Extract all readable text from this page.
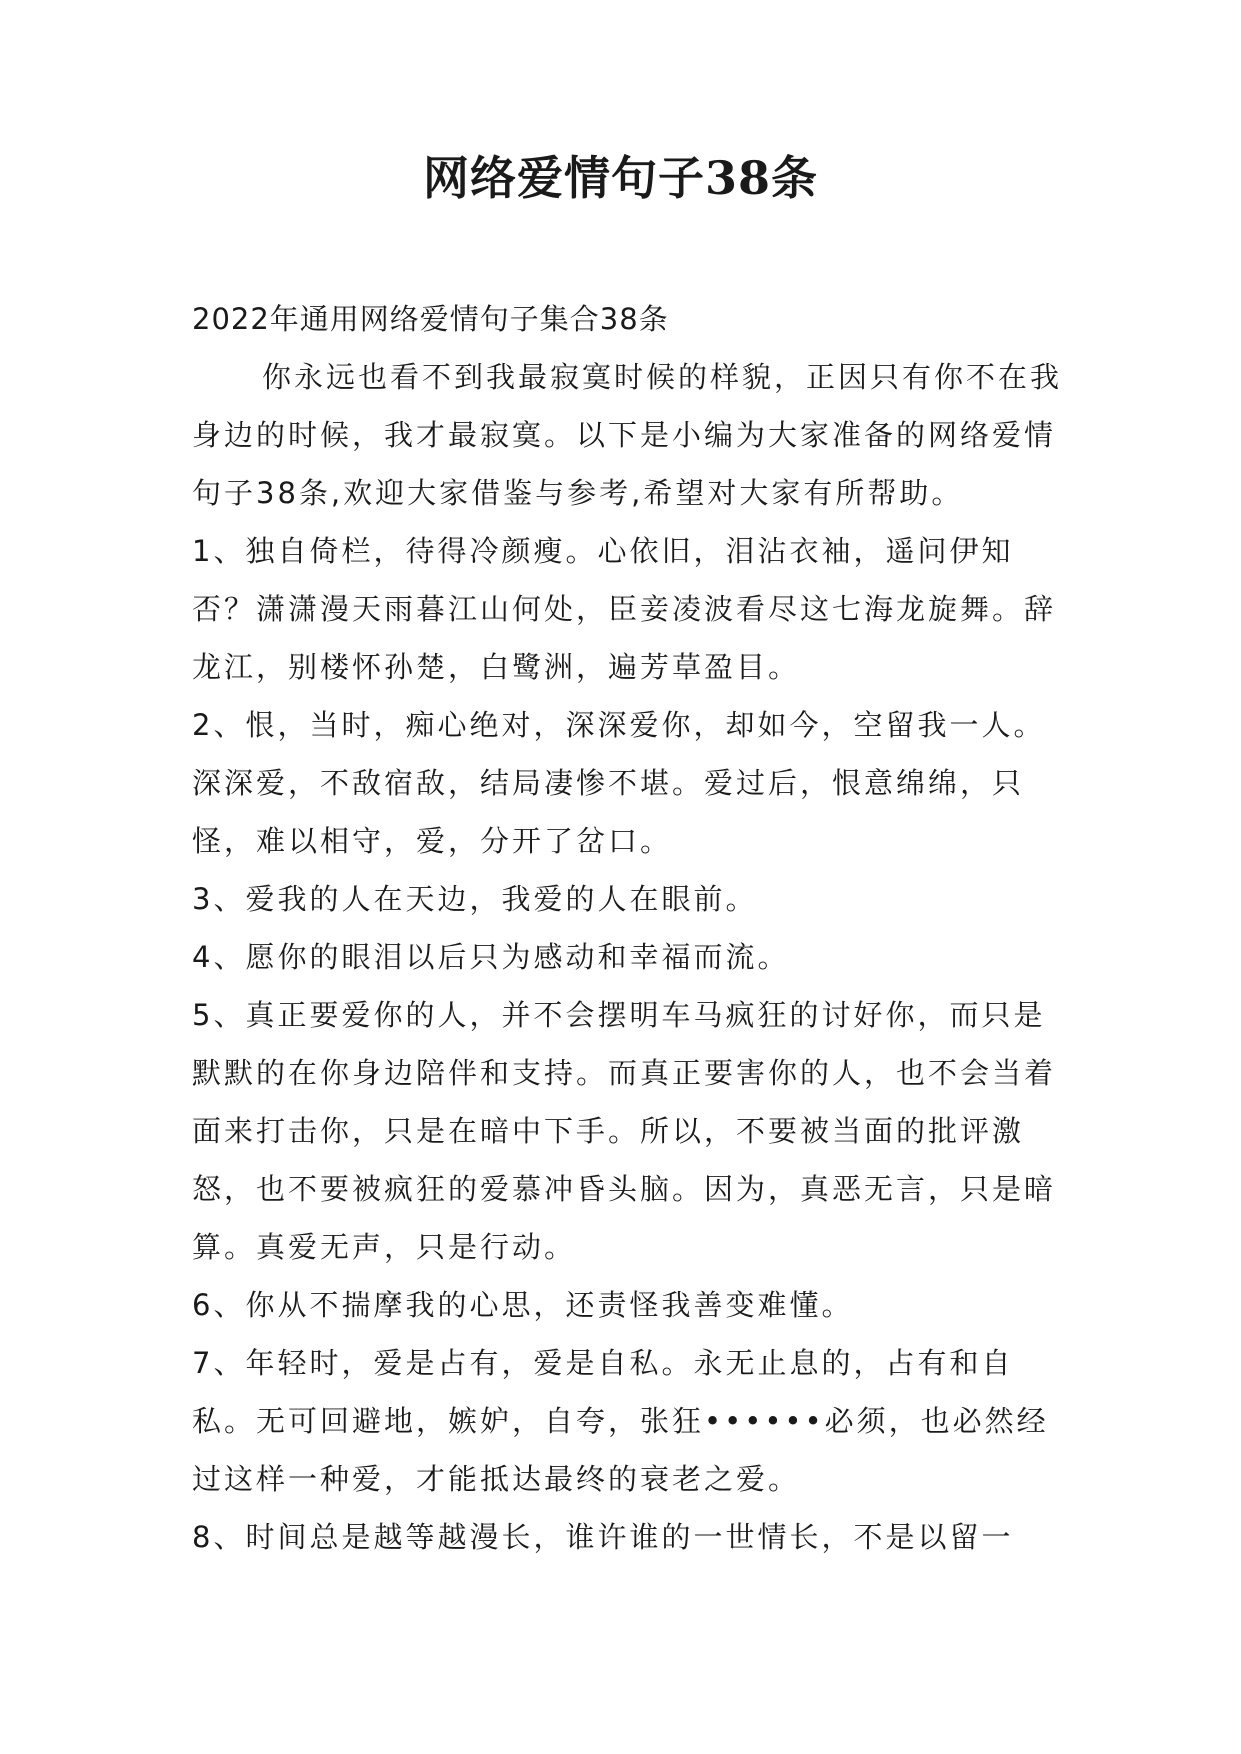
网络爱情句子38条

2022年通用网络爱情句子集合38条

你永远也看不到我最寂寞时候的样貌，正因只有你不在我身边的时候，我才最寂寞。以下是小编为大家准备的网络爱情句子38条,欢迎大家借鉴与参考,希望对大家有所帮助。

1、独自倚栏，待得冷颜瘦。心依旧，泪沾衣袖，遥问伊知否？潇潇漫天雨暮江山何处，臣妾凌波看尽这七海龙旋舞。辞龙江，别楼怀孙楚，白鹭洲，遍芳草盈目。

2、恨，当时，痴心绝对，深深爱你，却如今，空留我一人。深深爱，不敌宿敌，结局凄惨不堪。爱过后，恨意绵绵，只怪，难以相守，爱，分开了岔口。

3、爱我的人在天边，我爱的人在眼前。

4、愿你的眼泪以后只为感动和幸福而流。

5、真正要爱你的人，并不会摆明车马疯狂的讨好你，而只是默默的在你身边陪伴和支持。而真正要害你的人，也不会当着面来打击你，只是在暗中下手。所以，不要被当面的批评激怒，也不要被疯狂的爱慕冲昏头脑。因为，真恶无言，只是暗算。真爱无声，只是行动。

6、你从不揣摩我的心思，还责怪我善变难懂。

7、年轻时，爱是占有，爱是自私。永无止息的，占有和自私。无可回避地，嫉妒，自夸，张狂••••••必须，也必然经过这样一种爱，才能抵达最终的衰老之爱。

8、时间总是越等越漫长，谁许谁的一世情长，不是以留一
